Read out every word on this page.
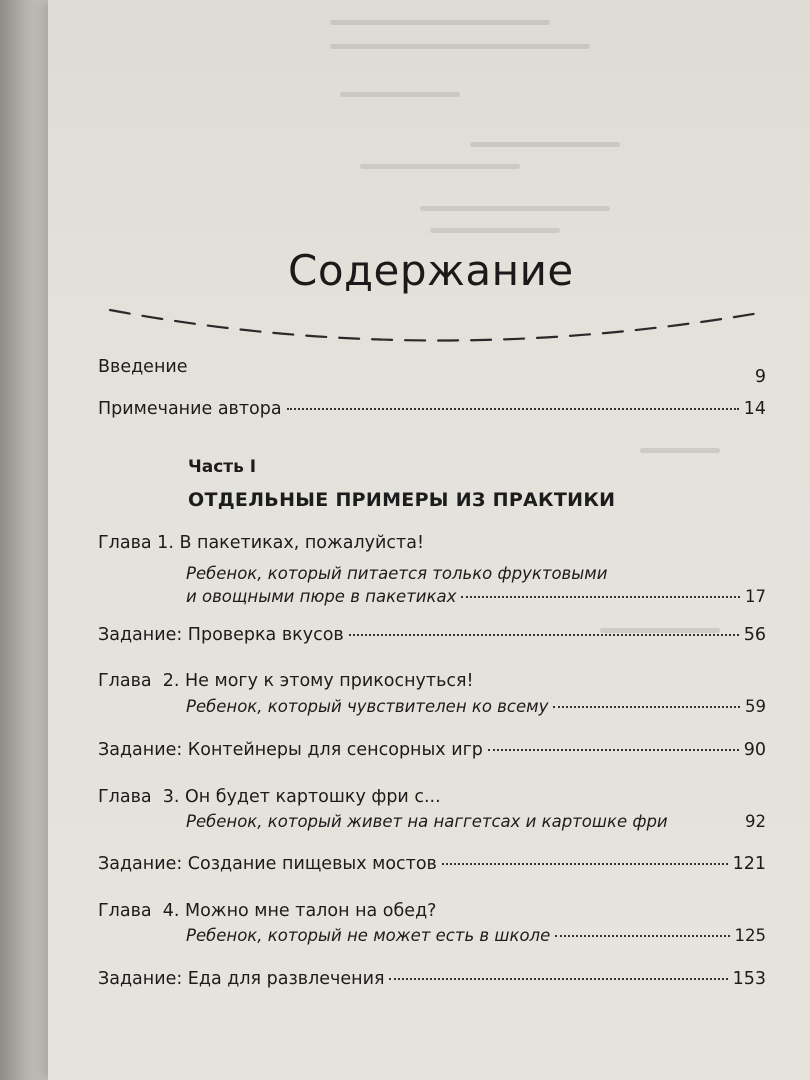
Содержание
Введение	9
Примечание автора	14
Часть I
ОТДЕЛЬНЫЕ ПРИМЕРЫ ИЗ ПРАКТИКИ
Глава 1. В пакетиках, пожалуйста!
Ребенок, который питается только фруктовыми
и овощными пюре в пакетиках	17
Задание: Проверка вкусов	56
Глава  2. Не могу к этому прикоснуться!
Ребенок, который чувствителен ко всему	59
Задание: Контейнеры для сенсорных игр	90
Глава  3. Он будет картошку фри с...
Ребенок, который живет на наггетсах и картошке фри	92
Задание: Создание пищевых мостов	121
Глава  4. Можно мне талон на обед?
Ребенок, который не может есть в школе	125
Задание: Еда для развлечения	153
